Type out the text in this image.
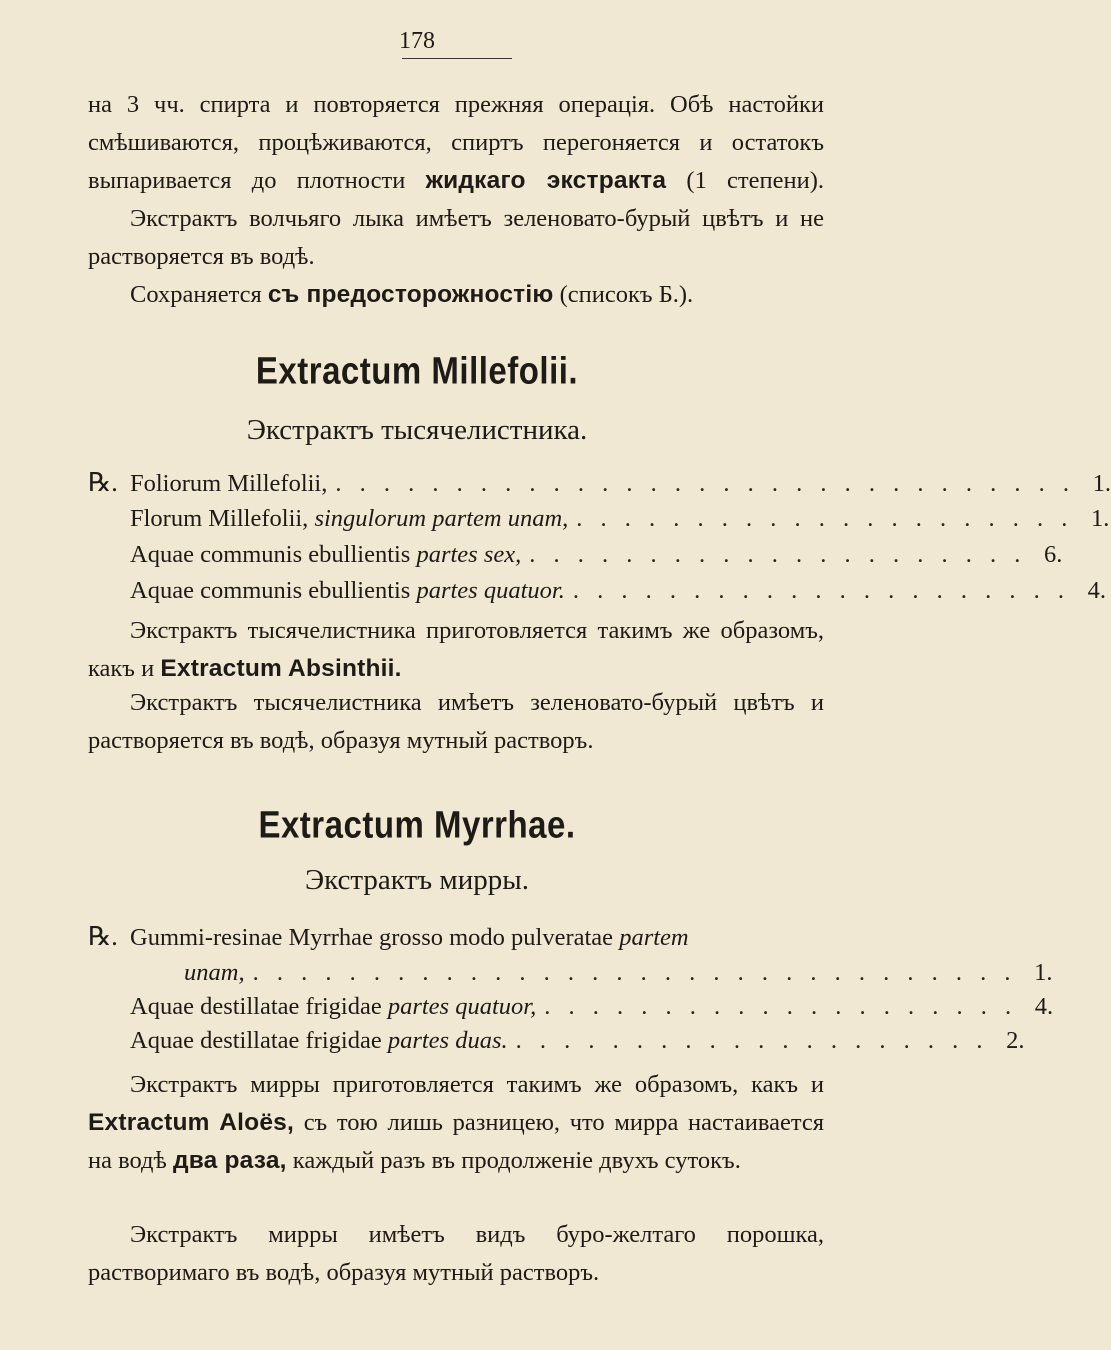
178

на 3 чч. спирта и повторяется прежняя операція. Обѣ настойки

смѣшиваются, процѣживаются, спиртъ перегоняется и остатокъ

выпаривается до плотности жидкаго экстракта (1 степени).

Экстрактъ волчьяго лыка имѣетъ зеленовато-бурый цвѣтъ и не растворяется въ водѣ.

Сохраняется съ предосторожностію (списокъ Б.).

Extractum Millefolii.
Экстрактъ тысячелистника.
℞. Foliorum Millefolii, . . . . . . . . . . . . . . . . . . . . . . . . . . . . . . . 1.
Florum Millefolii, singulorum partem unam, . . . . . . . . . . . . . . . . . . . . . 1.
Aquae communis ebullientis partes sex, . . . . . . . . . . . . . . . . . . . . . 6.
Aquae communis ebullientis partes quatuor. . . . . . . . . . . . . . . . . . . . . . 4.

Экстрактъ тысячелистника приготовляется такимъ же образомъ, какъ и Extractum Absinthii.

Экстрактъ тысячелистника имѣетъ зеленовато-бурый цвѣтъ и растворяется въ водѣ, образуя мутный растворъ.

Extractum Myrrhae.
Экстрактъ мирры.
℞. Gummi-resinae Myrrhae grosso modo pulveratae partem
unam, . . . . . . . . . . . . . . . . . . . . . . . . . . . . . . . . 1.
Aquae destillatae frigidae partes quatuor, . . . . . . . . . . . . . . . . . . . . 4.
Aquae destillatae frigidae partes duas. . . . . . . . . . . . . . . . . . . . . 2.

Экстрактъ мирры приготовляется такимъ же образомъ, какъ и Extractum Aloës, съ тою лишь разницею, что мирра настаивается на водѣ два раза, каждый разъ въ продолженіе двухъ сутокъ.

Экстрактъ мирры имѣетъ видъ буро-желтаго порошка, растворимаго въ водѣ, образуя мутный растворъ.
